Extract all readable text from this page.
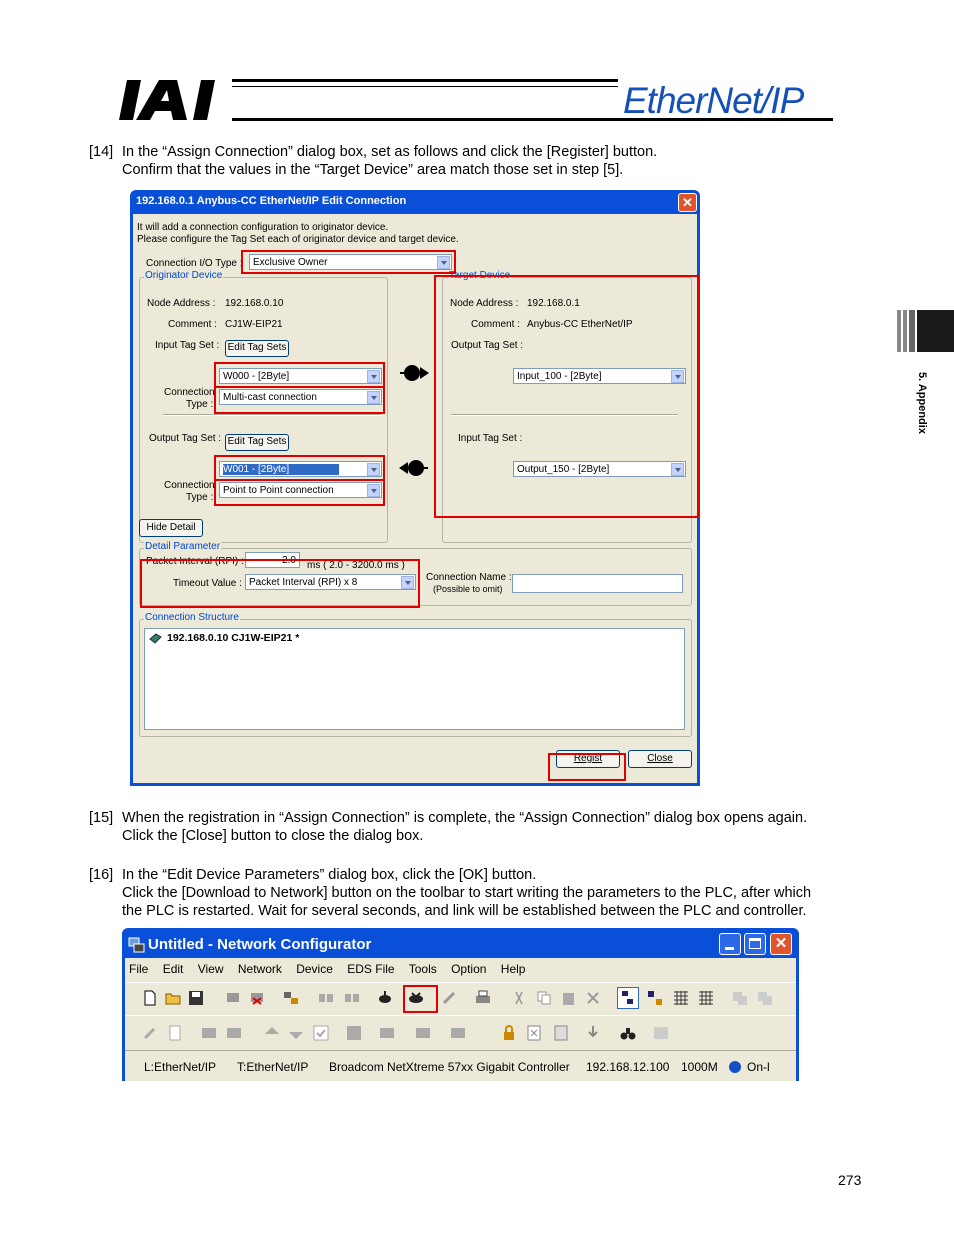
EtherNet/IP
5. Appendix
[14] In the “Assign Connection” dialog box, set as follows and click the [Register] button.
Confirm that the values in the “Target Device” area match those set in step [5].
192.168.0.1 Anybus-CC EtherNet/IP Edit Connection	✕
It will add a connection configuration to originator device.
Please configure the Tag Set each of originator device and target device.
Connection I/O Type :	Exclusive Owner
Originator Device
Node Address : 192.168.0.10
Comment : CJ1W-EIP21
Input Tag Set : Edit Tag Sets
W000 - [2Byte]
Connection
Type :
Multi-cast connection
Output Tag Set : Edit Tag Sets
W001 - [2Byte]
Connection
Type :
Point to Point connection
Target Device
Node Address : 192.168.0.1
Comment : Anybus-CC EtherNet/IP
Output Tag Set :
Input_100 - [2Byte]
Input Tag Set :
Output_150 - [2Byte]
Hide Detail
Detail Parameter
Packet Interval (RPI) :	2.0	ms ( 2.0 - 3200.0 ms )
Timeout Value : Packet Interval (RPI) x 8	Connection Name :
(Possible to omit)
Connection Structure
192.168.0.10 CJ1W-EIP21 *
Regist	Close
[15] When the registration in “Assign Connection” is complete, the “Assign Connection” dialog box opens again.
Click the [Close] button to close the dialog box.
[16] In the “Edit Device Parameters” dialog box, click the [OK] button.
Click the [Download to Network] button on the toolbar to start writing the parameters to the PLC, after which
the PLC is restarted. Wait for several seconds, and link will be established between the PLC and controller.
Untitled - Network Configurator	✕
File Edit View Network Device EDS File Tools Option Help
L:EtherNet/IP T:EtherNet/IP Broadcom NetXtreme 57xx Gigabit Controller 192.168.12.100 1000M On-l
273
